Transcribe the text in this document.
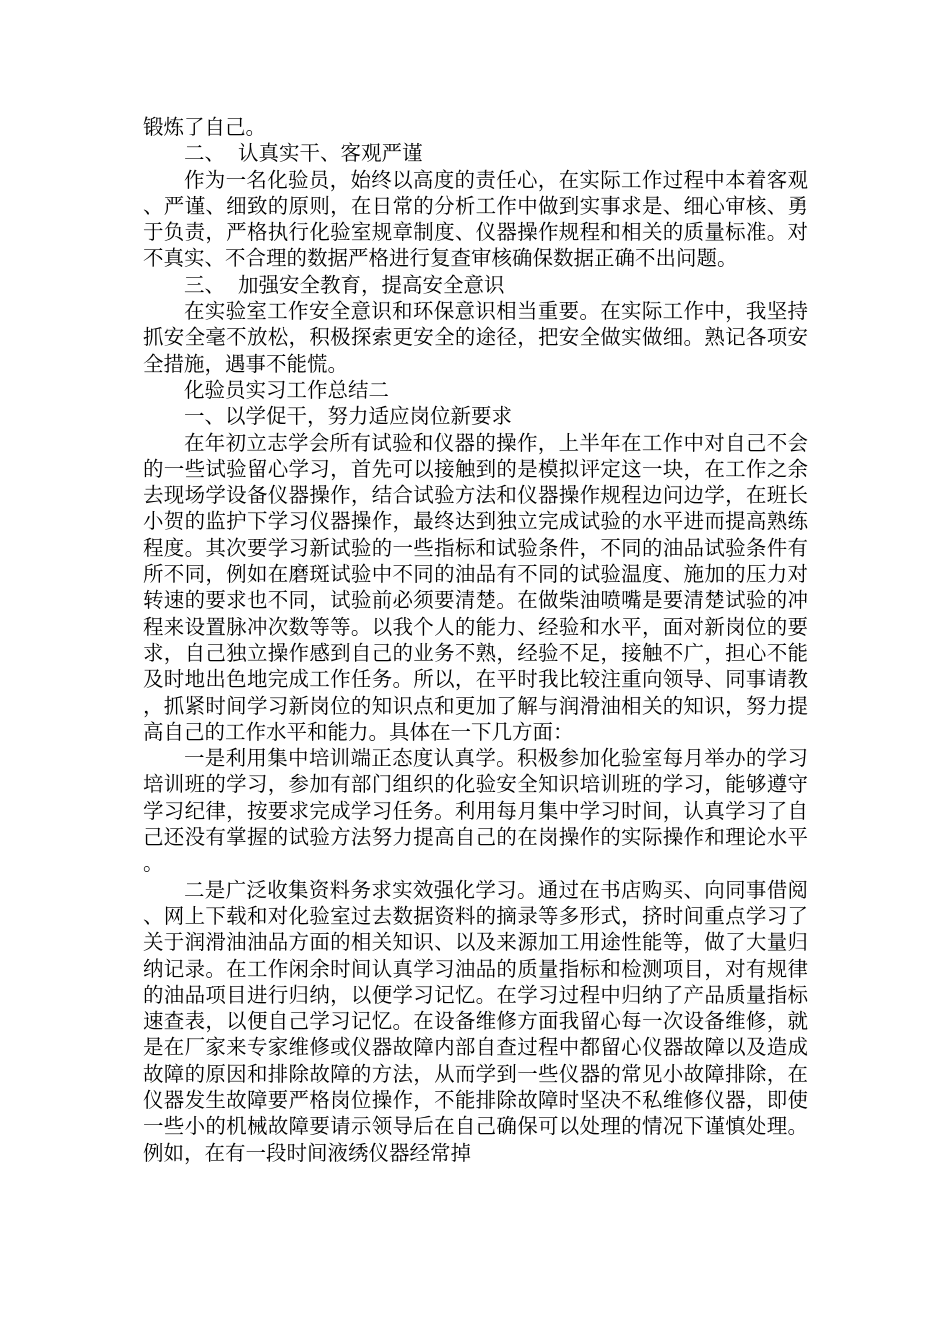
锻炼了自己。

二、  认真实干、客观严谨

作为一名化验员，始终以高度的责任心，在实际工作过程中本着客观、严谨、细致的原则，在日常的分析工作中做到实事求是、细心审核、勇于负责，严格执行化验室规章制度、仪器操作规程和相关的质量标准。对不真实、不合理的数据严格进行复查审核确保数据正确不出问题。

三、  加强安全教育，提高安全意识

在实验室工作安全意识和环保意识相当重要。在实际工作中，我坚持抓安全毫不放松，积极探索更安全的途径，把安全做实做细。熟记各项安全措施，遇事不能慌。

化验员实习工作总结二

一、以学促干，努力适应岗位新要求

在年初立志学会所有试验和仪器的操作，上半年在工作中对自己不会的一些试验留心学习，首先可以接触到的是模拟评定这一块，在工作之余去现场学设备仪器操作，结合试验方法和仪器操作规程边问边学，在班长小贺的监护下学习仪器操作，最终达到独立完成试验的水平进而提高熟练程度。其次要学习新试验的一些指标和试验条件，不同的油品试验条件有所不同，例如在磨斑试验中不同的油品有不同的试验温度、施加的压力对转速的要求也不同，试验前必须要清楚。在做柴油喷嘴是要清楚试验的冲程来设置脉冲次数等等。以我个人的能力、经验和水平，面对新岗位的要求，自己独立操作感到自己的业务不熟，经验不足，接触不广，担心不能及时地出色地完成工作任务。所以，在平时我比较注重向领导、同事请教，抓紧时间学习新岗位的知识点和更加了解与润滑油相关的知识，努力提高自己的工作水平和能力。具体在一下几方面：

一是利用集中培训端正态度认真学。积极参加化验室每月举办的学习培训班的学习，参加有部门组织的化验安全知识培训班的学习，能够遵守学习纪律，按要求完成学习任务。利用每月集中学习时间，认真学习了自己还没有掌握的试验方法努力提高自己的在岗操作的实际操作和理论水平。

二是广泛收集资料务求实效强化学习。通过在书店购买、向同事借阅、网上下载和对化验室过去数据资料的摘录等多形式，挤时间重点学习了关于润滑油油品方面的相关知识、以及来源加工用途性能等，做了大量归纳记录。在工作闲余时间认真学习油品的质量指标和检测项目，对有规律的油品项目进行归纳，以便学习记忆。在学习过程中归纳了产品质量指标速查表，以便自己学习记忆。在设备维修方面我留心每一次设备维修，就是在厂家来专家维修或仪器故障内部自查过程中都留心仪器故障以及造成故障的原因和排除故障的方法，从而学到一些仪器的常见小故障排除，在仪器发生故障要严格岗位操作，不能排除故障时坚决不私维修仪器，即使一些小的机械故障要请示领导后在自己确保可以处理的情况下谨慎处理。例如，在有一段时间液绣仪器经常掉
